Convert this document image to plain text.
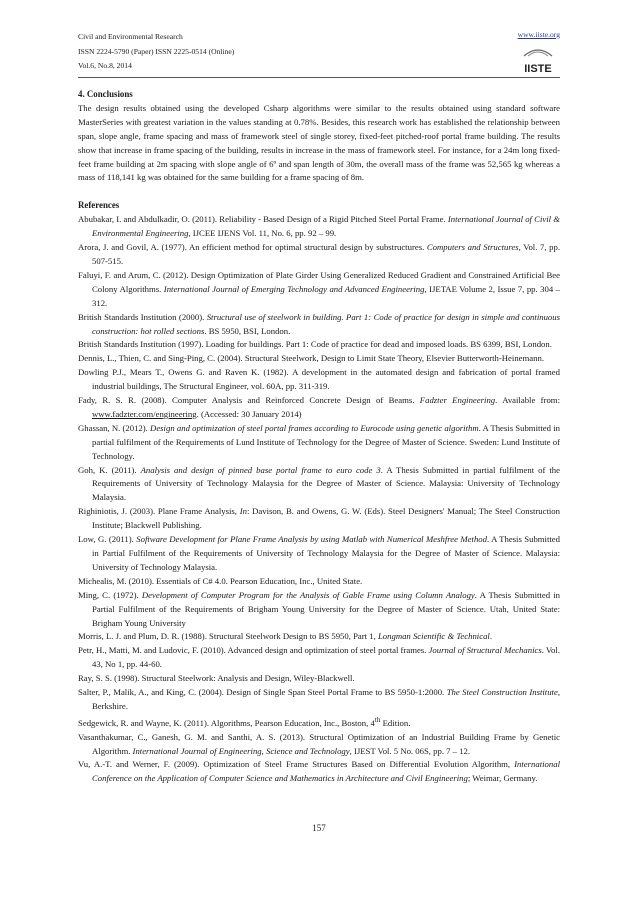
Civil and Environmental Research
ISSN 2224-5790 (Paper) ISSN 2225-0514 (Online)
Vol.6, No.8, 2014
www.iiste.org
IISTE
4. Conclusions

The design results obtained using the developed Csharp algorithms were similar to the results obtained using standard software MasterSeries with greatest variation in the values standing at 0.78%. Besides, this research work has established the relationship between span, slope angle, frame spacing and mass of framework steel of single storey, fixed-feet pitched-roof portal frame building. The results show that increase in frame spacing of the building, results in increase in the mass of framework steel. For instance, for a 24m long fixed-feet frame building at 2m spacing with slope angle of 6º and span length of 30m, the overall mass of the frame was 52,565 kg whereas a mass of 118,141 kg was obtained for the same building for a frame spacing of 8m.

References

Abubakar, I. and Abdulkadir, O. (2011). Reliability - Based Design of a Rigid Pitched Steel Portal Frame. International Journal of Civil & Environmental Engineering, IJCEE IJENS Vol. 11, No. 6, pp. 92 – 99.

Arora, J. and Govil, A. (1977). An efficient method for optimal structural design by substructures. Computers and Structures, Vol. 7, pp. 507-515.

Faluyi, F. and Arum, C. (2012). Design Optimization of Plate Girder Using Generalized Reduced Gradient and Constrained Artificial Bee Colony Algorithms. International Journal of Emerging Technology and Advanced Engineering, IJETAE Volume 2, Issue 7, pp. 304 – 312.

British Standards Institution (2000). Structural use of steelwork in building. Part 1: Code of practice for design in simple and continuous construction: hot rolled sections. BS 5950, BSI, London.

British Standards Institution (1997). Loading for buildings. Part 1: Code of practice for dead and imposed loads. BS 6399, BSI, London.

Dennis, L., Thien, C. and Sing-Ping, C. (2004). Structural Steelwork, Design to Limit State Theory, Elsevier Butterworth-Heinemann.

Dowling P.J., Mears T., Owens G. and Raven K. (1982). A development in the automated design and fabrication of portal framed industrial buildings, The Structural Engineer, vol. 60A, pp. 311-319.

Fady, R. S. R. (2008). Computer Analysis and Reinforced Concrete Design of Beams. Fadzter Engineering. Available from: www.fadzter.com/engineering. (Accessed: 30 January 2014)

Ghassan, N. (2012). Design and optimization of steel portal frames according to Eurocode using genetic algorithm. A Thesis Submitted in partial fulfilment of the Requirements of Lund Institute of Technology for the Degree of Master of Science. Sweden: Lund Institute of Technology.

Goh, K. (2011). Analysis and design of pinned base portal frame to euro code 3. A Thesis Submitted in partial fulfilment of the Requirements of University of Technology Malaysia for the Degree of Master of Science. Malaysia: University of Technology Malaysia.

Righiniotis, J. (2003). Plane Frame Analysis, In: Davison, B. and Owens, G. W. (Eds). Steel Designers' Manual; The Steel Construction Institute; Blackwell Publishing.

Low, G. (2011). Software Development for Plane Frame Analysis by using Matlab with Numerical Meshfree Method. A Thesis Submitted in Partial Fulfilment of the Requirements of University of Technology Malaysia for the Degree of Master of Science. Malaysia: University of Technology Malaysia.

Michealis, M. (2010). Essentials of C# 4.0. Pearson Education, Inc., United State.

Ming, C. (1972). Development of Computer Program for the Analysis of Gable Frame using Column Analogy. A Thesis Submitted in Partial Fulfilment of the Requirements of Brigham Young University for the Degree of Master of Science. Utah, United State: Brigham Young University

Morris, L. J. and Plum, D. R. (1988). Structural Steelwork Design to BS 5950, Part 1, Longman Scientific & Technical.

Petr, H., Matti, M. and Ludovic, F. (2010). Advanced design and optimization of steel portal frames. Journal of Structural Mechanics. Vol. 43, No 1, pp. 44-60.

Ray, S. S. (1998). Structural Steelwork: Analysis and Design, Wiley-Blackwell.

Salter, P., Malik, A., and King, C. (2004). Design of Single Span Steel Portal Frame to BS 5950-1:2000. The Steel Construction Institute, Berkshire.

Sedgewick, R. and Wayne, K. (2011). Algorithms, Pearson Education, Inc., Boston, 4th Edition.

Vasanthakumar, C., Ganesh, G. M. and Santhi, A. S. (2013). Structural Optimization of an Industrial Building Frame by Genetic Algorithm. International Journal of Engineering, Science and Technology, IJEST Vol. 5 No. 06S, pp. 7 – 12.

Vu, A.-T. and Werner, F. (2009). Optimization of Steel Frame Structures Based on Differential Evolution Algorithm, International Conference on the Application of Computer Science and Mathematics in Architecture and Civil Engineering; Weimar, Germany.

157
